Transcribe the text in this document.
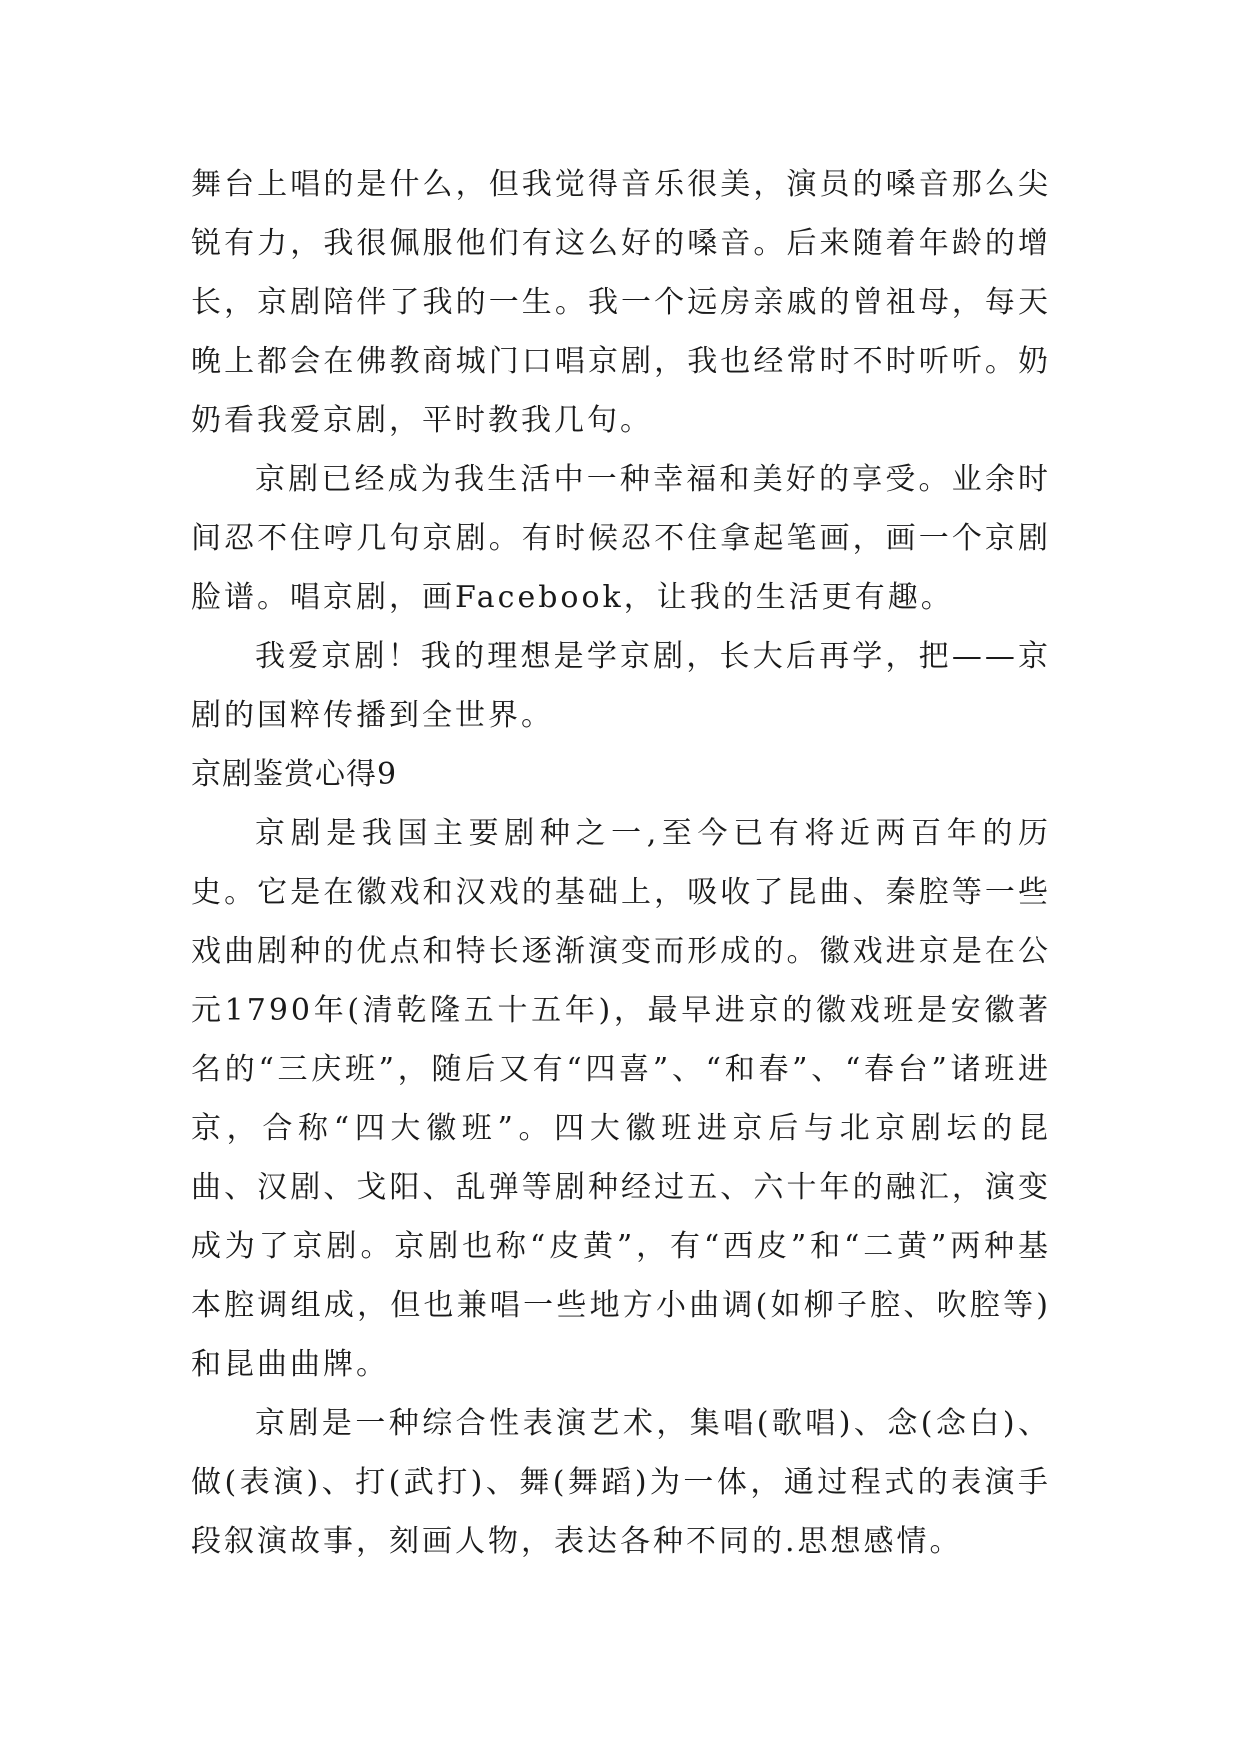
舞台上唱的是什么，但我觉得音乐很美，演员的嗓音那么尖锐有力，我很佩服他们有这么好的嗓音。后来随着年龄的增长，京剧陪伴了我的一生。我一个远房亲戚的曾祖母，每天晚上都会在佛教商城门口唱京剧，我也经常时不时听听。奶奶看我爱京剧，平时教我几句。

京剧已经成为我生活中一种幸福和美好的享受。业余时间忍不住哼几句京剧。有时候忍不住拿起笔画，画一个京剧脸谱。唱京剧，画Facebook，让我的生活更有趣。

我爱京剧！我的理想是学京剧，长大后再学，把——京剧的国粹传播到全世界。

京剧鉴赏心得9

京剧是我国主要剧种之一,至今已有将近两百年的历史。它是在徽戏和汉戏的基础上，吸收了昆曲、秦腔等一些戏曲剧种的优点和特长逐渐演变而形成的。徽戏进京是在公元1790年(清乾隆五十五年)，最早进京的徽戏班是安徽著名的“三庆班”，随后又有“四喜”、“和春”、“春台”诸班进京，合称“四大徽班”。四大徽班进京后与北京剧坛的昆曲、汉剧、戈阳、乱弹等剧种经过五、六十年的融汇，演变成为了京剧。京剧也称“皮黄”，有“西皮”和“二黄”两种基本腔调组成，但也兼唱一些地方小曲调(如柳子腔、吹腔等)和昆曲曲牌。

京剧是一种综合性表演艺术，集唱(歌唱)、念(念白)、做(表演)、打(武打)、舞(舞蹈)为一体，通过程式的表演手段叙演故事，刻画人物，表达各种不同的.思想感情。
